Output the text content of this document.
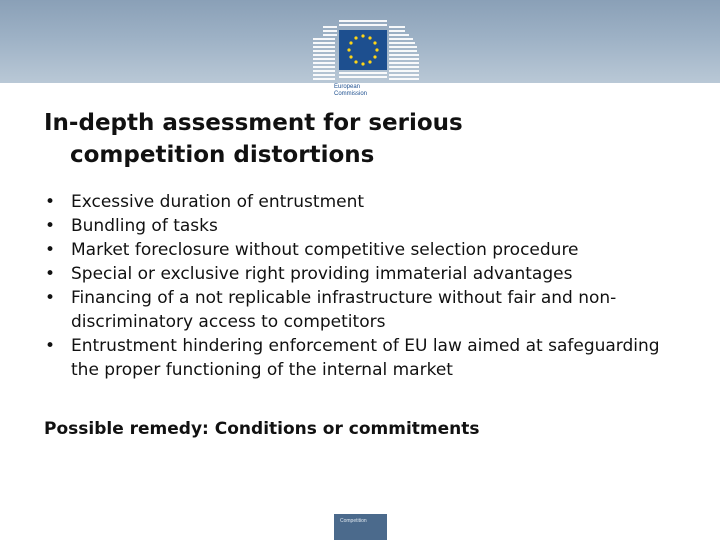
European
Commission
In-depth assessment for serious
competition distortions
• Excessive duration of entrustment
• Bundling of tasks
• Market foreclosure without competitive selection procedure
• Special or exclusive right providing immaterial advantages
• Financing of a not replicable infrastructure without fair and non-discriminatory access to competitors
• Entrustment hindering enforcement of EU law aimed at safeguarding the proper functioning of the internal market

Possible remedy: Conditions or commitments

Competition
